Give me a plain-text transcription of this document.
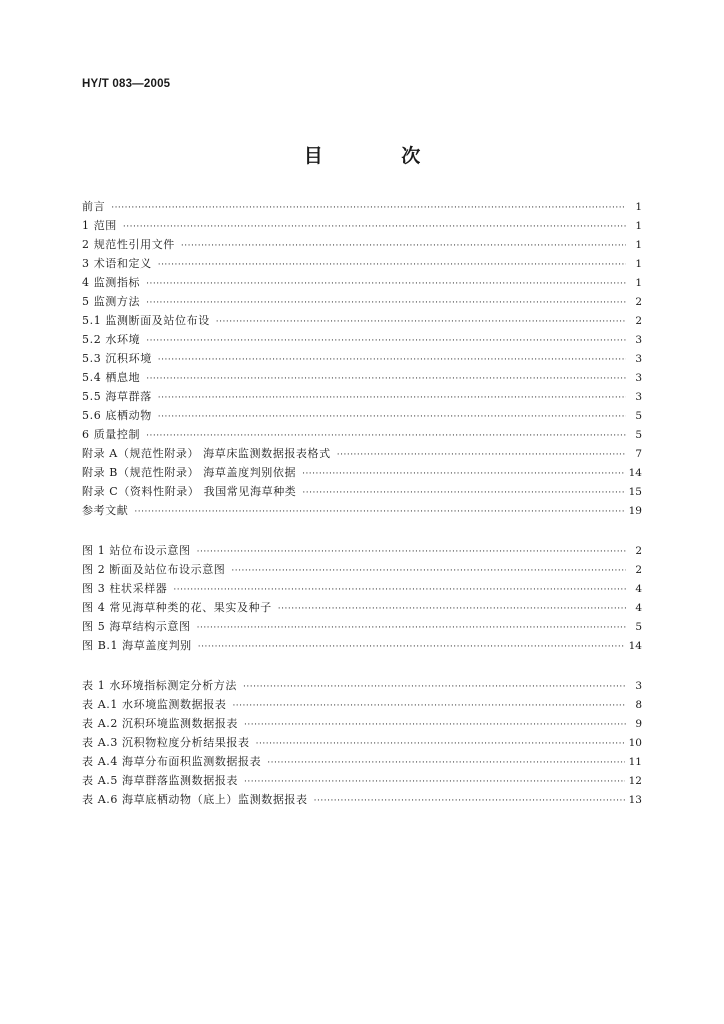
HY/T 083—2005
目 次
前言 ·····	1
1 范围 ·····	1
2 规范性引用文件 ·····	1
3 术语和定义 ·····	1
4 监测指标 ·····	1
5 监测方法 ·····	2
5.1 监测断面及站位布设 ·····	2
5.2 水环境 ·····	3
5.3 沉积环境 ·····	3
5.4 栖息地 ·····	3
5.5 海草群落 ·····	3
5.6 底栖动物 ·····	5
6 质量控制 ·····	5
附录 A（规范性附录） 海草床监测数据报表格式 ·····	7
附录 B（规范性附录） 海草盖度判别依据 ·····	14
附录 C（资料性附录） 我国常见海草种类 ·····	15
参考文献 ·····	19
图 1 站位布设示意图 ·····	2
图 2 断面及站位布设示意图 ·····	2
图 3 柱状采样器 ·····	4
图 4 常见海草种类的花、果实及种子 ·····	4
图 5 海草结构示意图 ·····	5
图 B.1 海草盖度判别 ·····	14
表 1 水环境指标测定分析方法 ·····	3
表 A.1 水环境监测数据报表 ·····	8
表 A.2 沉积环境监测数据报表 ·····	9
表 A.3 沉积物粒度分析结果报表 ·····	10
表 A.4 海草分布面积监测数据报表 ·····	11
表 A.5 海草群落监测数据报表 ·····	12
表 A.6 海草底栖动物（底上）监测数据报表 ·····	13
